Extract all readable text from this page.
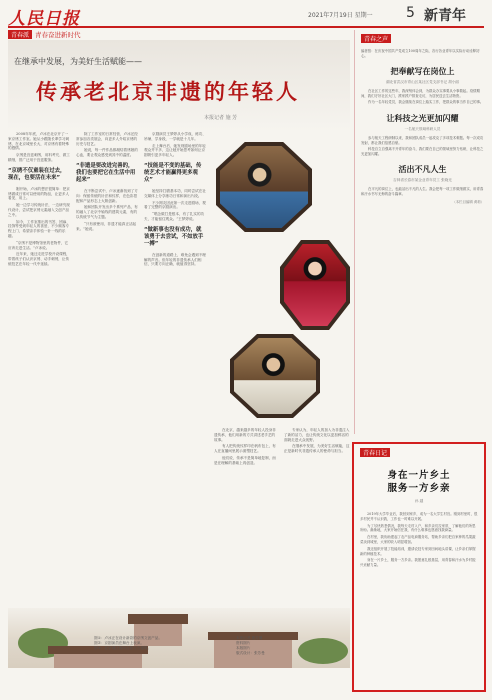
人民日报	2021年7月19日 星期一 5 新青年
青春派 青春奋进新时代
在继承中发展，为美好生活赋能——
传承老北京非遗的年轻人
本报记者 施 芳

2008年年底，卢冰在北京开了一家京绣工作室。她从小跟随长辈学习刺绣，在北京城里长大，对京绣有着特殊的感情。

京绣是宫廷刺绣，用料考究、做工精细，曾广泛用于宫廷服饰。

“京绣不仅童装在过去，现在，也要活在未来”

刚开始，卢冰的想法很简单：把京绣做成日常可以使用的物品，让更多人看见、用上。

她一边学习传统针法，一边研究现代设计，尝试把京绣元素融入文创产品之中。

如今，工作室推出的书签、团扇、挂饰等受到年轻人的喜爱，不少顾客专程上门，希望亲手体验一针一线的乐趣。

“京绣不是博物馆里的老物件，它应该走进生活。”卢冰说。

近年来，她还走进学校开设课程，带着孩子们认识京绣、动手刺绣，让传统技艺在年轻一代中延续。

除了工作室的日常经营，卢冰还经常参加各类展会，向更多人介绍京绣的历史与技艺。

她说，每一件作品都凝结着绣娘的心血，要让观众感受到其中的温度。

“非遗是要改进完善的，我们也要把它在生活中用起来”

在不断尝试中，卢冰逐渐找到了方向：保留传统的针法和纹样，在色彩搭配和产品形态上大胆创新。

她和团队开发出多个系列产品，有的融入了北京中轴线的建筑元素，有的以传统节气为主题。

“只有被使用，非遗才能真正活起来。”她说。

京剧演员王梦婷从小学戏，练功、吊嗓、学身段，一学就是十几年。

走上舞台后，她发现剧场里的年轻观众并不多，这让她开始思考如何让京剧吸引更多年轻人。

“技能是不变的基础，传统艺术才能赢得更多观众”

她坚持打磨基本功，同时尝试在社交媒体上分享练功日常和演出片段。

不少网友因此第一次走进剧场，观看了完整的京剧演出。

“唱念做打是根本，有了扎实的功夫，才能留住观众。”王梦婷说。

“做新事也没有成功，就该勇于去尝试，不如放手一搏”

在创新的道路上，难免会遇到不理解的声音。但年轻的非遗传承人们相信，只要方向正确，就值得坚持。

在北京，越来越多的年轻人投身非遗传承，他们用新的方式讲述老手艺的故事。

有人把传统纹样印在帆布包上，有人在直播间里展示面塑技艺。

他们说，传承不是简单地复制，而是在理解的基础上再创造。

专家认为，年轻人的加入为非遗注入了新的活力，也让传统文化以更加鲜活的面貌走进大众视野。

在继承中发展，为美好生活赋能，这正是新时代非遗传承人的使命与担当。

图①：卢冰正在设计新款的京绣文创产品。
图②：京剧演员在舞台上表演。
图③：北京城区的四合院与古建筑。
本报记者 施芳摄
资料图片
本版图片
版式设计：张芳曼
青春之声
编者按：在庆祝中国共产党成立100周年之际，各行各业青年以实际行动诠释初心。
把奉献写在岗位上
湖北省武汉市青山区某社区党支部书记 胡小丽

在社区工作的这些年，我深刻体会到，为群众办实事要从小事做起。疫情期间，我们守好社区大门，挨家挨户排查走访，为居民送去生活物资。

作为一名年轻党员，我会继续在岗位上踏实工作，把群众的事当作自己的事。

让科技之光更加闪耀
一名航天领域科研人员

参与航天工程研制以来，我和团队成员一起攻克了多项技术难题。每一次成功发射，都让我们倍感自豪。

科技自立自强离不开青年的奋斗，我们要在自己的领域里努力钻研，让科技之光更加闪耀。

活出不凡人生
吉林省长春市某企业青年员工 张晓光

在平凡的岗位上，也能活出不凡的人生。我会把每一项工作做细做实，用青春和汗水书写无悔的奋斗篇章。

（本栏目编辑 黄莉）
青春日记
身在一片乡土
服务一方乡亲
孙 越

2019年大学毕业后，我回到家乡，成为一名大学生村官。刚到村里时，很多村民并不认识我，工作也一时难以开展。

为了尽快熟悉情况，我每天走村入户，和乡亲们拉家常，了解他们的所思所盼。渐渐地，大家开始信任我，有什么难事也愿意找我商量。

在村里，我协助建起了农产品电商服务站，帮助乡亲们把自家种的瓜果蔬菜卖到城里，大家的收入明显增加。

我还组织开展了技能培训，邀请农技专家到田间地头讲课，让乡亲们掌握新的种植技术。

身在一片乡土，服务一方乡亲。我愿意扎根基层，用青春和汗水为乡村振兴贡献力量。
